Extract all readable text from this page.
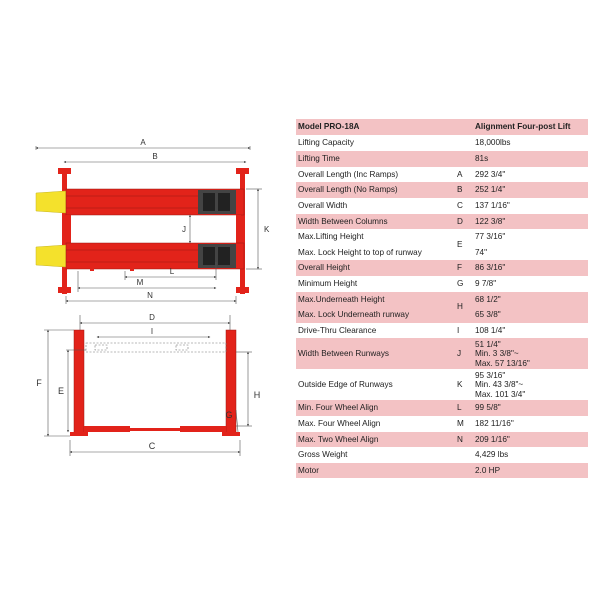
A
B
J	K
L
M
N
D
I
F
E
G
H
C
Model PRO-18A		Alignment Four-post Lift
Lifting Capacity		18,000lbs
Lifting Time		81s
Overall Length (Inc Ramps)	A	292 3/4"
Overall Length (No Ramps)	B	252 1/4"
Overall Width	C	137 1/16"
Width Between Columns	D	122 3/8"
Max.Lifting Height	E	77 3/16"
Max. Lock Height to top of runway		74"
Overall Height	F	86 3/16"
Minimum Height	G	9 7/8"
Max.Underneath Height	H	68 1/2"
Max. Lock Underneath runway		65 3/8"
Drive-Thru Clearance	I	108 1/4"
Width Between Runways	J	51 1/4"
Min. 3 3/8"~
Max. 57 13/16"

Outside Edge of Runways	K	95 3/16"
Min. 43 3/8"~
Max. 101 3/4"

Min. Four Wheel Align	L	99 5/8"
Max. Four Wheel Align	M	182 11/16"
Max. Two Wheel Align	N	209 1/16"
Gross Weight		4,429 lbs
Motor		2.0 HP
